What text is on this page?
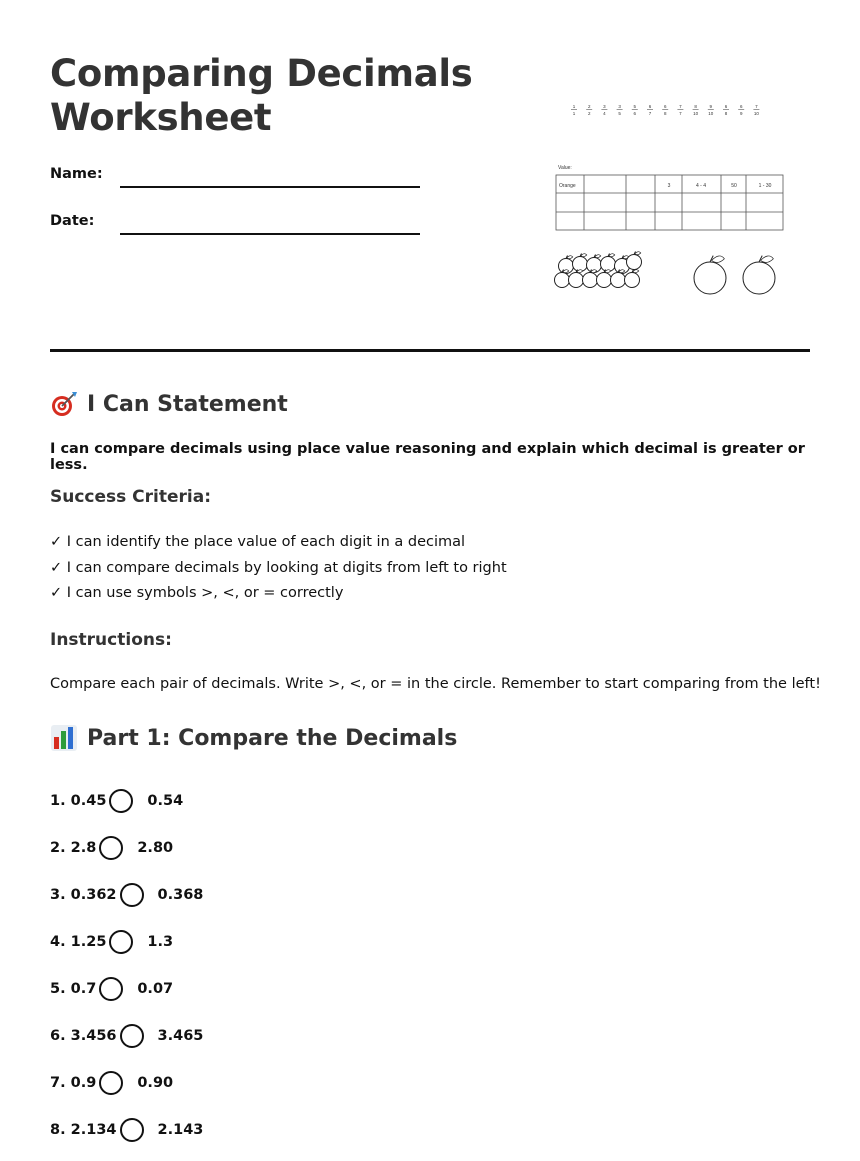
Comparing Decimals
Worksheet
Name:
Date:
1
1
2
2
3
4
3
5
5
6
6
7
6
8
7
7
8
10
9
10
6
8
6
9
7
10
Value:
Orange	3	4 - 4	50	1 - 30
I Can Statement
I can compare decimals using place value reasoning and explain which decimal is greater or less.
Success Criteria:
✓ I can identify the place value of each digit in a decimal
✓ I can compare decimals by looking at digits from left to right
✓ I can use symbols >, <, or = correctly
Instructions:
Compare each pair of decimals. Write >, <, or = in the circle. Remember to start comparing from the left!
Part 1: Compare the Decimals
1. 0.45	0.54
2. 2.8	2.80
3. 0.362	0.368
4. 1.25	1.3
5. 0.7	0.07
6. 3.456	3.465
7. 0.9	0.90
8. 2.134	2.143
